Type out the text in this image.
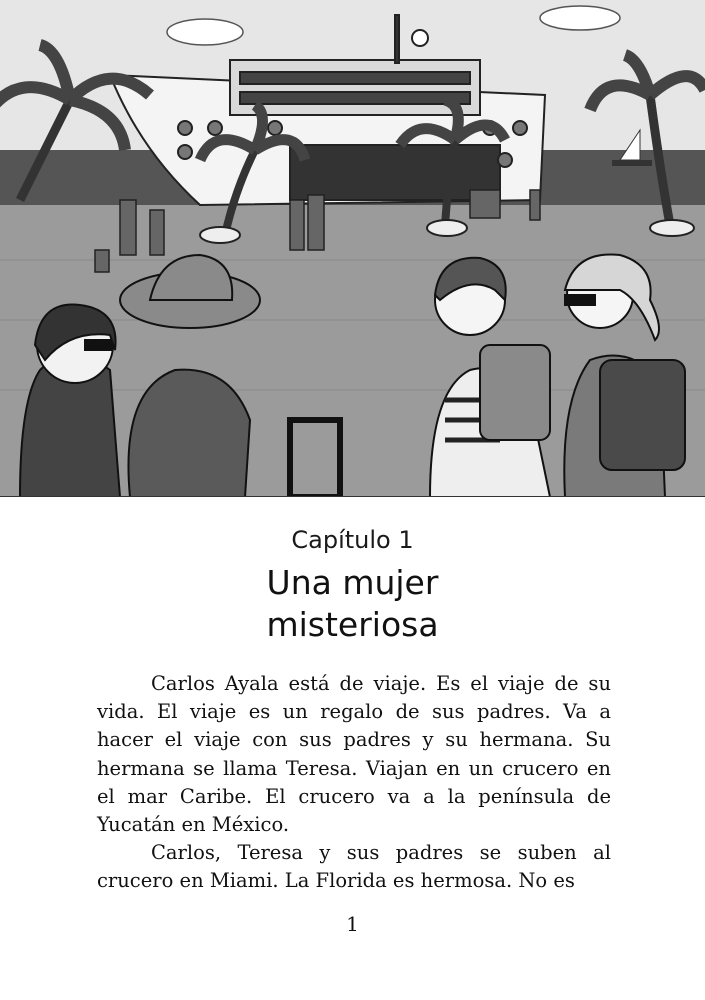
Capítulo 1
Una mujer
misteriosa

Carlos Ayala está de viaje. Es el viaje de su vida. El viaje es un regalo de sus padres. Va a hacer el viaje con sus padres y su hermana. Su hermana se llama Teresa. Viajan en un crucero en el mar Caribe. El crucero va a la península de Yucatán en México.

Carlos, Teresa y sus padres se suben al crucero en Miami. La Florida es hermosa. No es

1
